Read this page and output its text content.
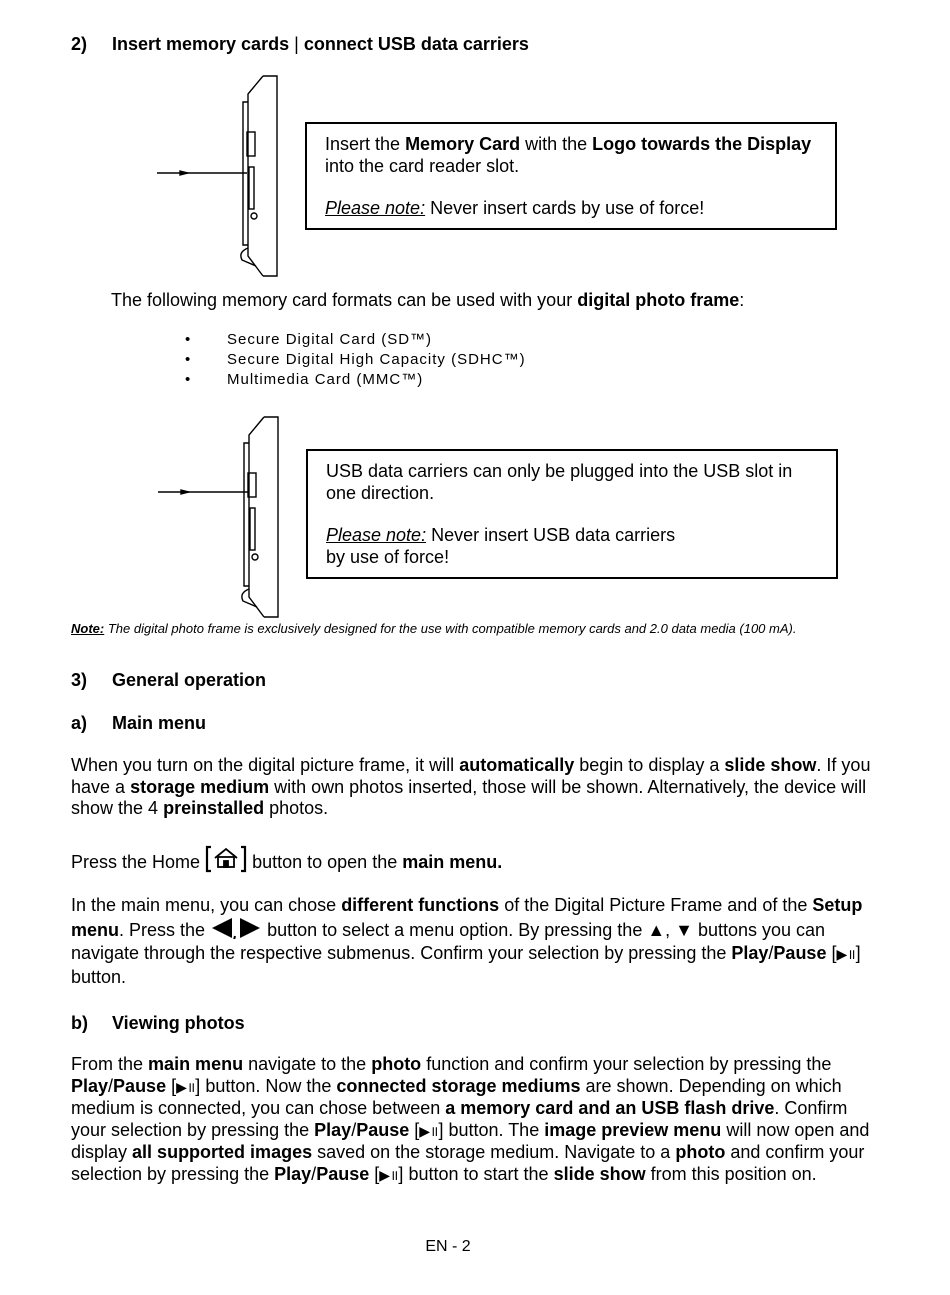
2) Insert memory cards | connect USB data carriers
Insert the Memory Card with the Logo towards the Display into the card reader slot.
Please note: Never insert cards by use of force!
The following memory card formats can be used with your digital photo frame:
• Secure Digital Card (SD™)
• Secure Digital High Capacity (SDHC™)
• Multimedia Card (MMC™)
USB data carriers can only be plugged into the USB slot in
one direction.
Please note: Never insert USB data carriers
by use of force!
Note: The digital photo frame is exclusively designed for the use with compatible memory cards and 2.0 data media (100 mA).
3) General operation
a) Main menu
When you turn on the digital picture frame, it will automatically begin to display a slide show. If you have a storage medium with own photos inserted, those will be shown. Alternatively, the device will show the 4 preinstalled photos.
Press the Home	button to open the main menu.
In the main menu, you can chose different functions of the Digital Picture Frame and of the Setup menu. Press the	button to select a menu option. By pressing the ▲, ▼ buttons you can navigate through the respective submenus. Confirm your selection by pressing the Play/Pause [▶॥] button.
b) Viewing photos
From the main menu navigate to the photo function and confirm your selection by pressing the Play/Pause [▶॥] button. Now the connected storage mediums are shown. Depending on which medium is connected, you can chose between a memory card and an USB flash drive. Confirm your selection by pressing the Play/Pause [▶॥] button. The image preview menu will now open and display all supported images saved on the storage medium. Navigate to a photo and confirm your selection by pressing the Play/Pause [▶॥] button to start the slide show from this position on.
EN - 2
